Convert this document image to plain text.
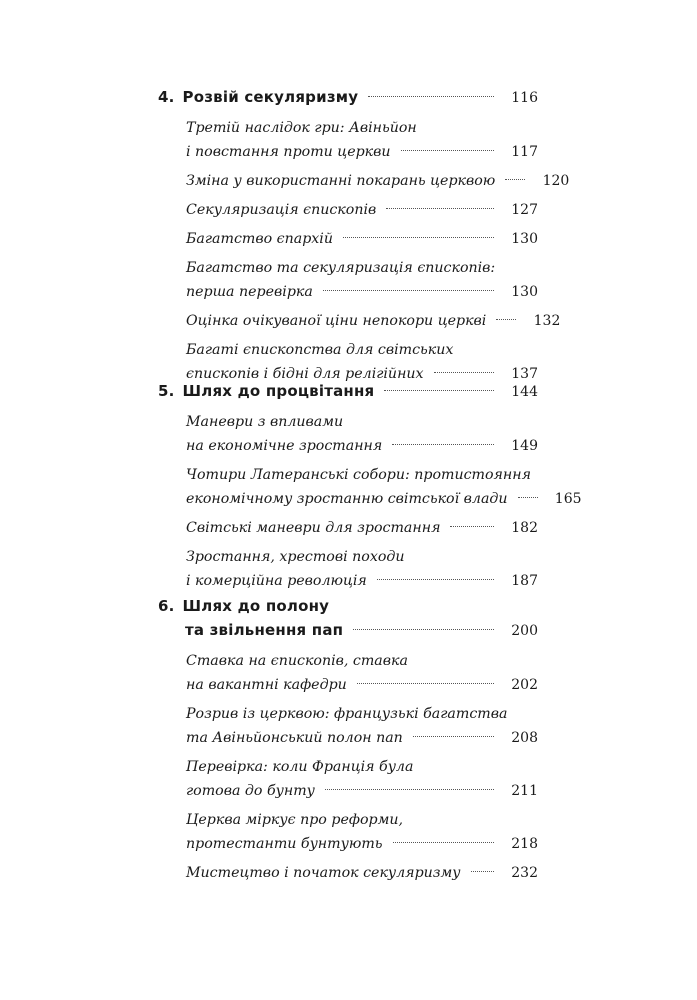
4. Розвій секуляризму	116
Третій наслідок гри: Авіньйон
і повстання проти церкви	117
Зміна у використанні покарань церквою	120
Секуляризація єпископів	127
Багатство єпархій	130
Багатство та секуляризація єпископів:
перша перевірка	130
Оцінка очікуваної ціни непокори церкві	132
Багаті єпископства для світських
єпископів і бідні для релігійних	137
5. Шлях до процвітання	144
Маневри з впливами
на економічне зростання	149
Чотири Латеранські собори: протистояння
економічному зростанню світської влади	165
Світські маневри для зростання	182
Зростання, хрестові походи
і комерційна революція	187
6. Шлях до полону
та звільнення пап	200
Ставка на єпископів, ставка
на вакантні кафедри	202
Розрив із церквою: французькі багатства
та Авіньйонський полон пап	208
Перевірка: коли Франція була
готова до бунту	211
Церква міркує про реформи,
протестанти бунтують	218
Мистецтво і початок секуляризму	232
